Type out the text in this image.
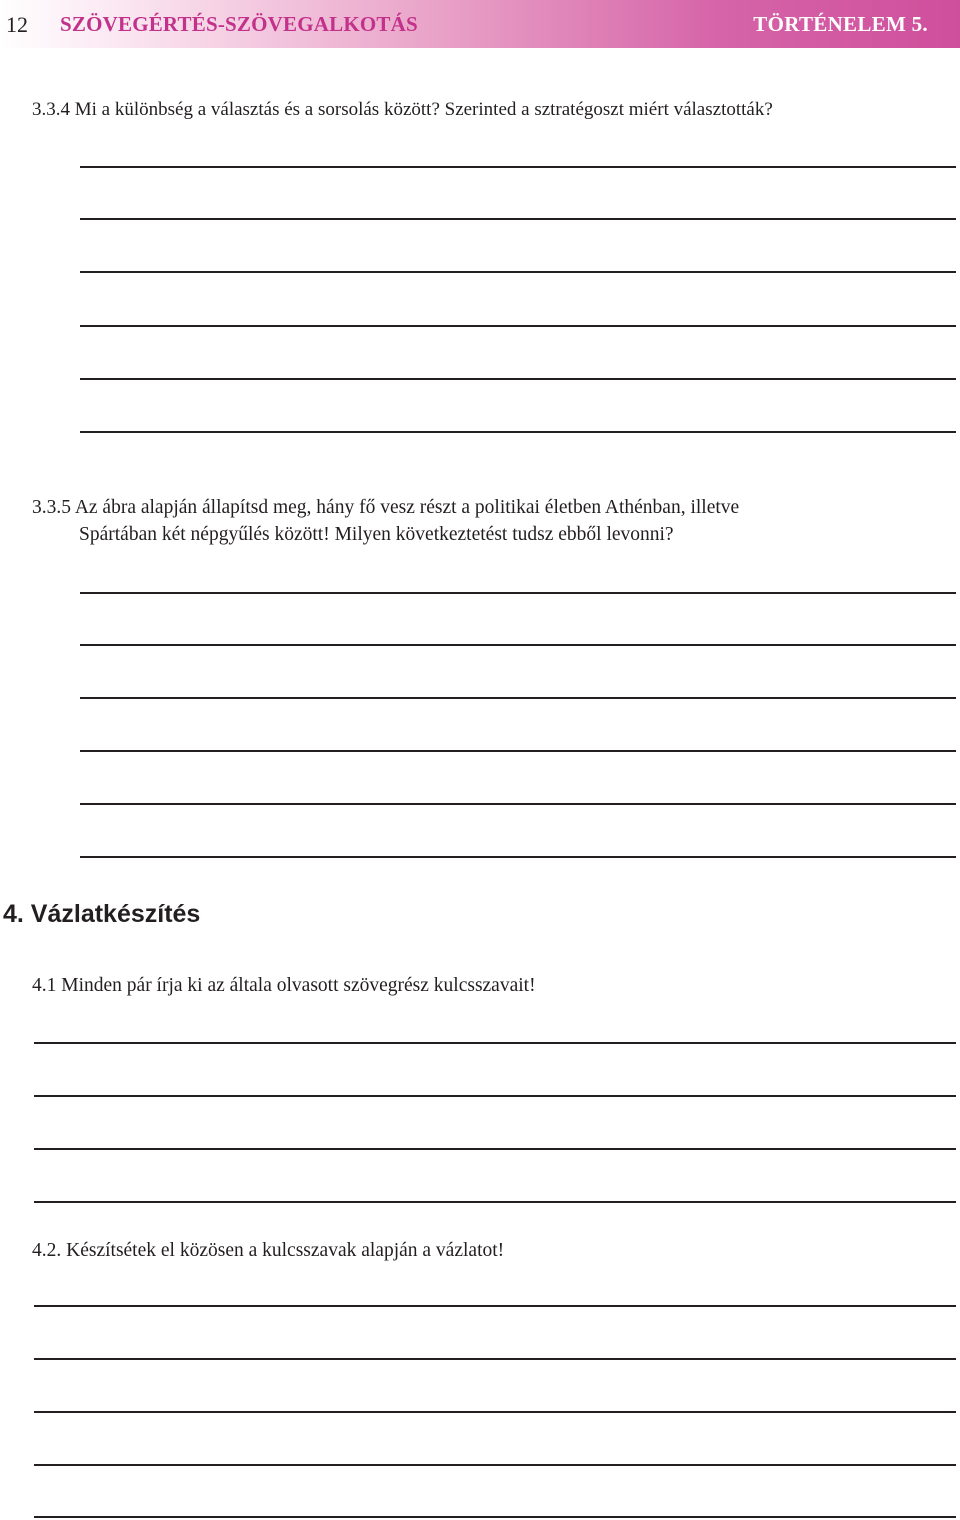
12 SZÖVEGÉRTÉS-SZÖVEGALKOTÁS	TÖRTÉNELEM 5.
3.3.4 Mi a különbség a választás és a sorsolás között? Szerinted a sztratégoszt miért választották?
3.3.5 Az ábra alapján állapítsd meg, hány fő vesz részt a politikai életben Athénban, illetve
Spártában két népgyűlés között! Milyen következtetést tudsz ebből levonni?
4. Vázlatkészítés
4.1 Minden pár írja ki az általa olvasott szövegrész kulcsszavait!
4.2. Készítsétek el közösen a kulcsszavak alapján a vázlatot!
